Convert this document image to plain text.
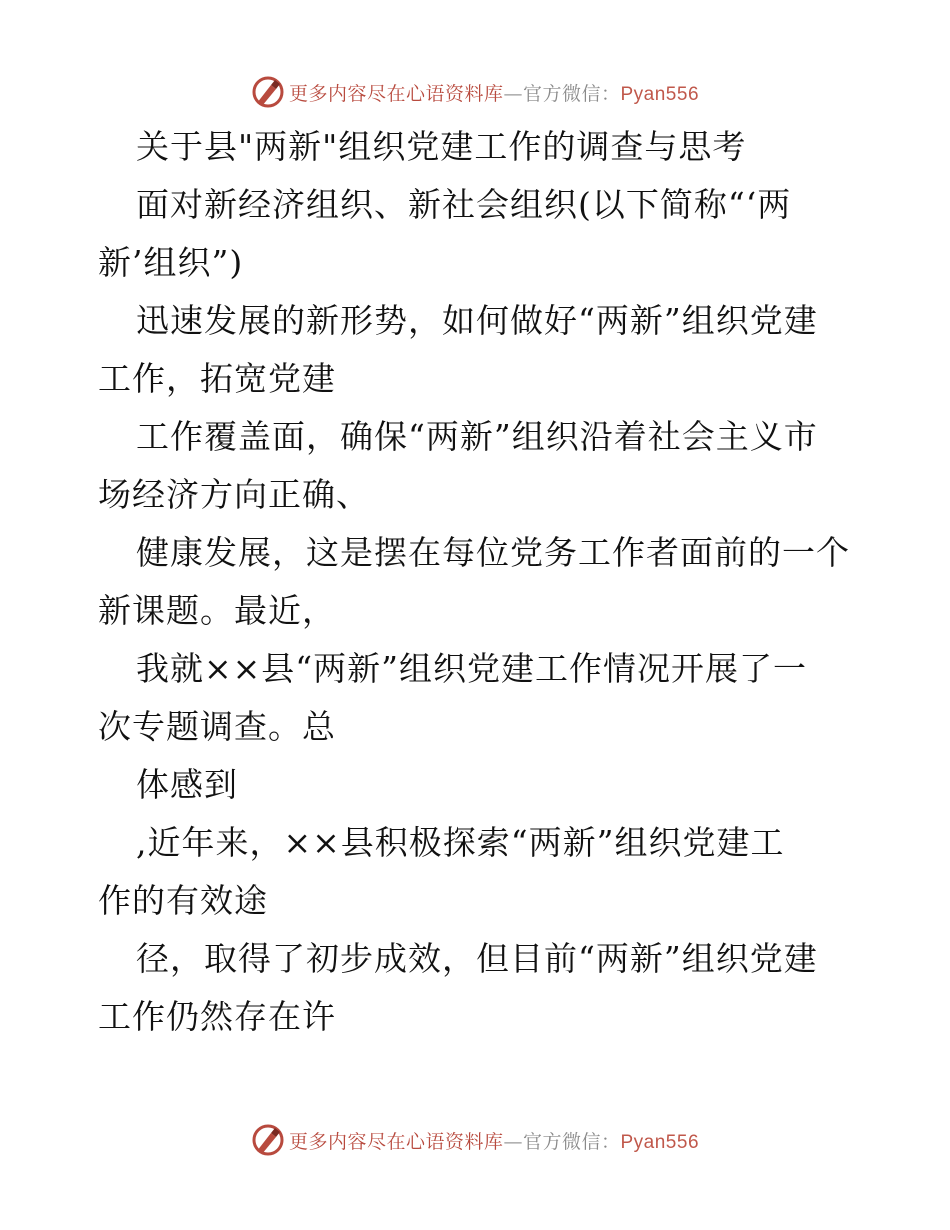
更多内容尽在心语资料库—官方微信：Pyan556
关于县"两新"组织党建工作的调查与思考
面对新经济组织、新社会组织(以下简称“‘两
新’组织”)
迅速发展的新形势，如何做好“两新”组织党建
工作，拓宽党建
工作覆盖面，确保“两新”组织沿着社会主义市
场经济方向正确、
健康发展，这是摆在每位党务工作者面前的一个
新课题。最近，
我就××县“两新”组织党建工作情况开展了一
次专题调查。总
体感到
,近年来，××县积极探索“两新”组织党建工
作的有效途
径，取得了初步成效，但目前“两新”组织党建
工作仍然存在许
更多内容尽在心语资料库—官方微信：Pyan556
